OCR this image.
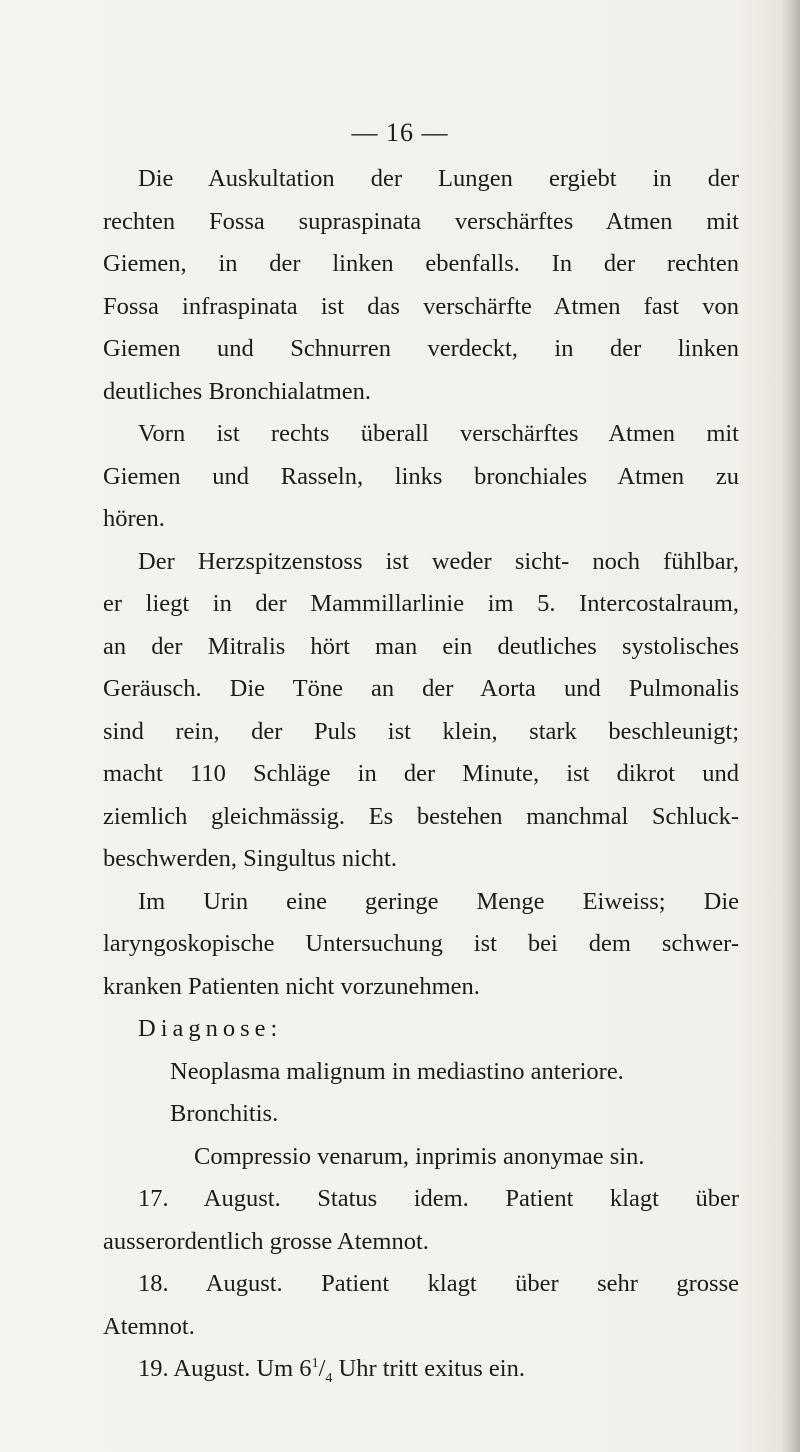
— 16 —
Die Auskultation der Lungen ergiebt in der
rechten Fossa supraspinata verschärftes Atmen mit
Giemen, in der linken ebenfalls. In der rechten
Fossa infraspinata ist das verschärfte Atmen fast von
Giemen und Schnurren verdeckt, in der linken
deutliches Bronchialatmen.
Vorn ist rechts überall verschärftes Atmen mit
Giemen und Rasseln, links bronchiales Atmen zu
hören.
Der Herzspitzenstoss ist weder sicht- noch fühlbar,
er liegt in der Mammillarlinie im 5. Intercostalraum,
an der Mitralis hört man ein deutliches systolisches
Geräusch. Die Töne an der Aorta und Pulmonalis
sind rein, der Puls ist klein, stark beschleunigt;
macht 110 Schläge in der Minute, ist dikrot und
ziemlich gleichmässig. Es bestehen manchmal Schluck-
beschwerden, Singultus nicht.
Im Urin eine geringe Menge Eiweiss; Die
laryngoskopische Untersuchung ist bei dem schwer-
kranken Patienten nicht vorzunehmen.
Diagnose:
Neoplasma malignum in mediastino anteriore.
Bronchitis.
Compressio venarum, inprimis anonymae sin.
17. August. Status idem. Patient klagt über
ausserordentlich grosse Atemnot.
18. August. Patient klagt über sehr grosse
Atemnot.
19. August. Um $6^1/_4$ Uhr tritt exitus ein.
